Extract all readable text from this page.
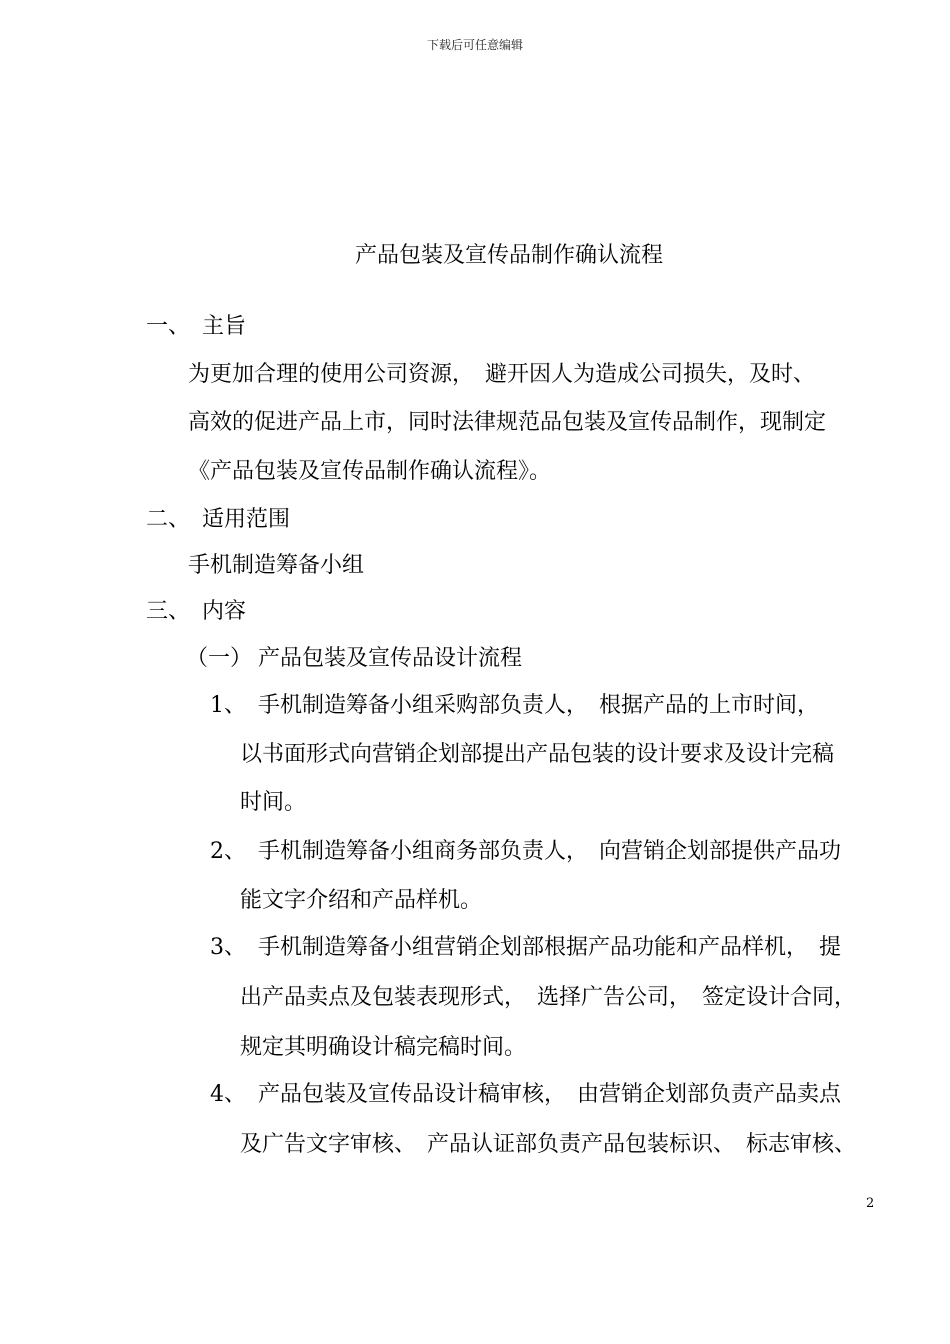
下载后可任意编辑
产品包装及宣传品制作确认流程
一、 主旨
为更加合理的使用公司资源，　避开因人为造成公司损失，及时、
高效的促进产品上市，同时法律规范品包装及宣传品制作，现制定
《产品包装及宣传品制作确认流程》。
二、 适用范围
手机制造筹备小组
三、 内容
（一） 产品包装及宣传品设计流程
1、 手机制造筹备小组采购部负责人，　根据产品的上市时间，
以书面形式向营销企划部提出产品包装的设计要求及设计完稿
时间。
2、 手机制造筹备小组商务部负责人，　向营销企划部提供产品功
能文字介绍和产品样机。
3、 手机制造筹备小组营销企划部根据产品功能和产品样机，　提
出产品卖点及包装表现形式，　选择广告公司，　签定设计合同，
规定其明确设计稿完稿时间。
4、 产品包装及宣传品设计稿审核，　由营销企划部负责产品卖点
及广告文字审核、　产品认证部负责产品包装标识、　标志审核、
2
